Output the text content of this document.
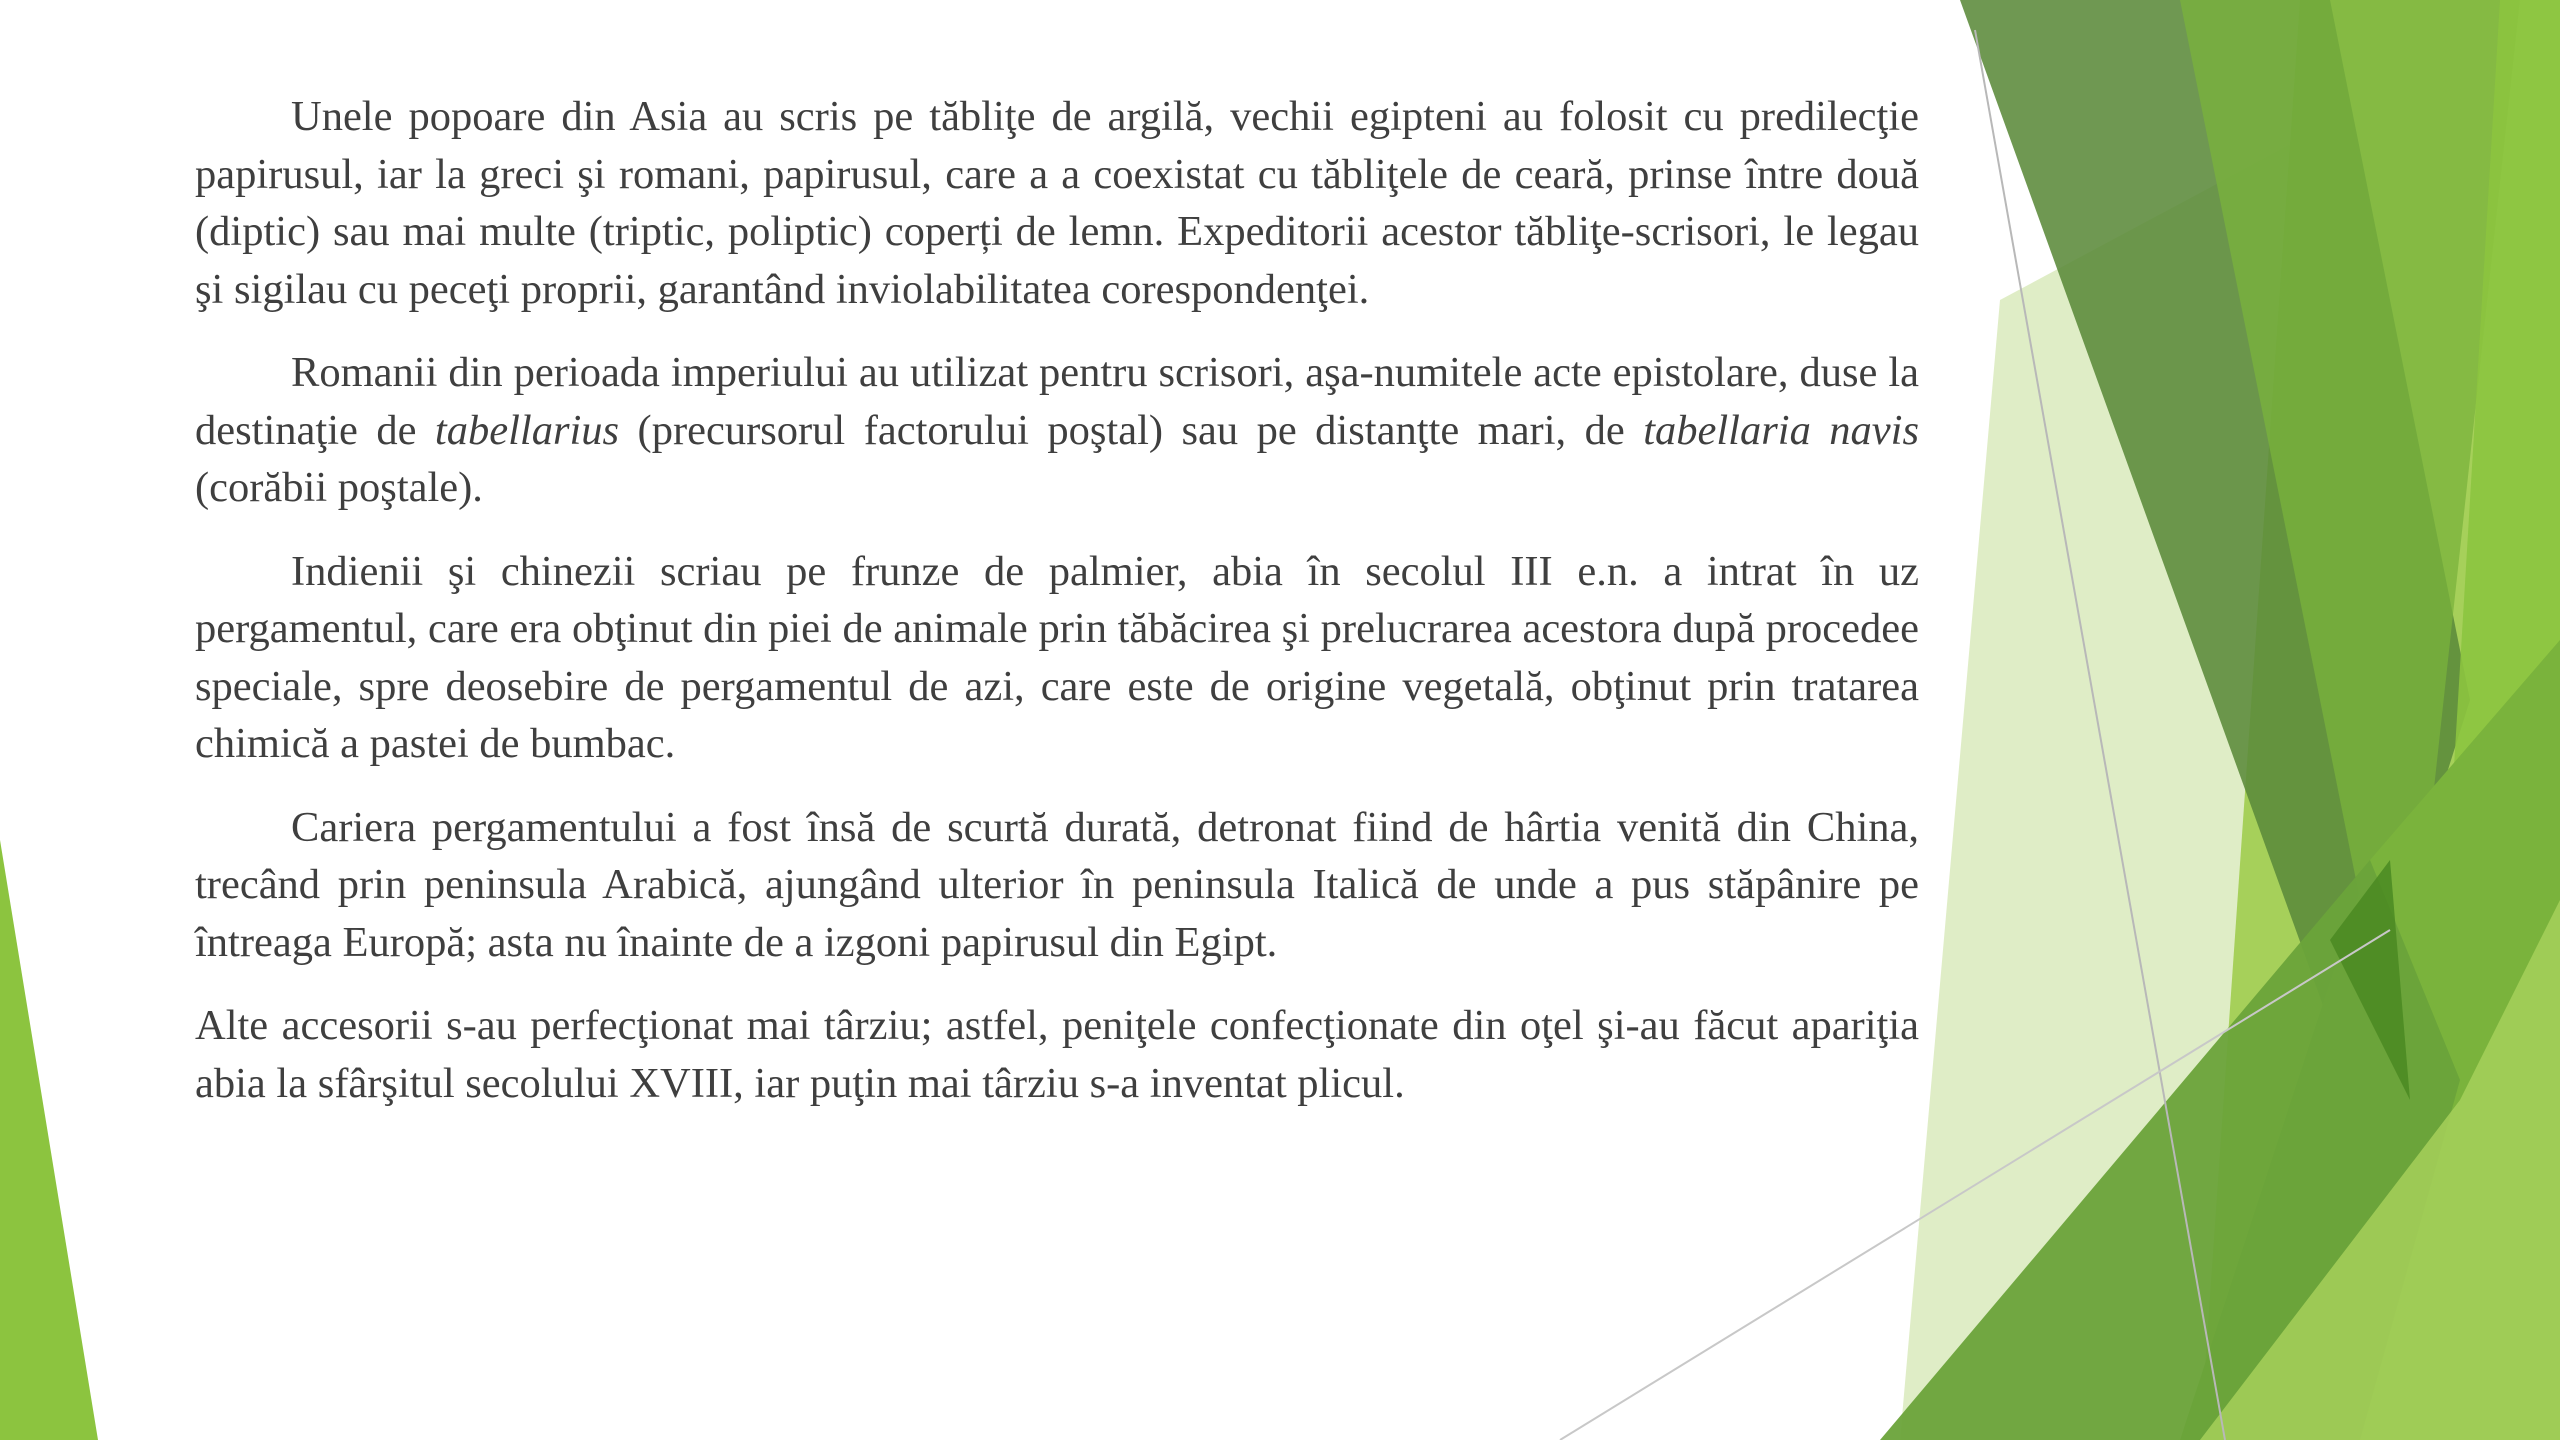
Unele popoare din Asia au scris pe tăbliţe de argilă, vechii egipteni au folosit cu predilecţie papirusul, iar la greci şi romani, papirusul, care a a coexistat cu tăbliţele de ceară, prinse între două (diptic) sau mai multe (triptic, poliptic) coperți de lemn. Expeditorii acestor tăbliţe-scrisori, le legau şi sigilau cu peceţi proprii, garantând inviolabilitatea corespondenţei.

Romanii din perioada imperiului au utilizat pentru scrisori, aşa-numitele acte epistolare, duse la destinaţie de tabellarius (precursorul factorului poştal) sau pe distanţte mari, de tabellaria navis (corăbii poştale).

Indienii şi chinezii scriau pe frunze de palmier, abia în secolul III e.n. a intrat în uz pergamentul, care era obţinut din piei de animale prin tăbăcirea şi prelucrarea acestora după procedee speciale, spre deosebire de pergamentul de azi, care este de origine vegetală, obţinut prin tratarea chimică a pastei de bumbac.

Cariera pergamentului a fost însă de scurtă durată, detronat fiind de hârtia venită din China, trecând prin peninsula Arabică, ajungând ulterior în peninsula Italică de unde a pus stăpânire pe întreaga Europă; asta nu înainte de a izgoni papirusul din Egipt.

Alte accesorii s-au perfecţionat mai târziu; astfel, peniţele confecţionate din oţel şi-au făcut apariţia abia la sfârşitul secolului XVIII, iar puţin mai târziu s-a inventat plicul.
